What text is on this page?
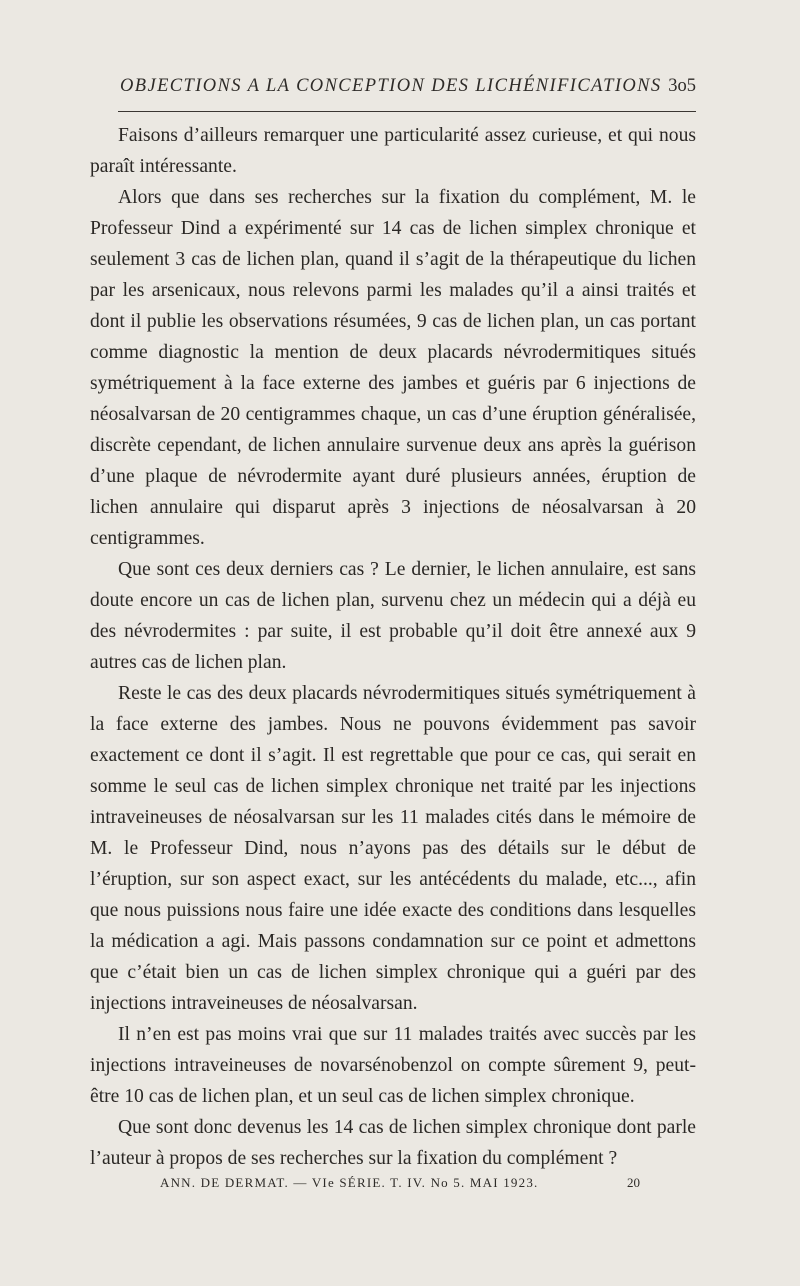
OBJECTIONS A LA CONCEPTION DES LICHÉNIFICATIONS 3o5

Faisons d’ailleurs remarquer une particularité assez curieuse, et qui nous paraît intéressante.

Alors que dans ses recherches sur la fixation du complément, M. le Professeur Dind a expérimenté sur 14 cas de lichen simplex chronique et seulement 3 cas de lichen plan, quand il s’agit de la thérapeutique du lichen par les arsenicaux, nous relevons parmi les malades qu’il a ainsi traités et dont il publie les observations résumées, 9 cas de lichen plan, un cas portant comme diagnostic la mention de deux placards névrodermitiques situés symétriquement à la face externe des jambes et guéris par 6 injections de néosalvarsan de 20 centigrammes chaque, un cas d’une éruption généralisée, discrète cependant, de lichen annulaire survenue deux ans après la guérison d’une plaque de névrodermite ayant duré plusieurs années, éruption de lichen annulaire qui disparut après 3 injections de néosalvarsan à 20 centigrammes.

Que sont ces deux derniers cas ? Le dernier, le lichen annulaire, est sans doute encore un cas de lichen plan, survenu chez un médecin qui a déjà eu des névrodermites : par suite, il est probable qu’il doit être annexé aux 9 autres cas de lichen plan.

Reste le cas des deux placards névrodermitiques situés symétriquement à la face externe des jambes. Nous ne pouvons évidemment pas savoir exactement ce dont il s’agit. Il est regrettable que pour ce cas, qui serait en somme le seul cas de lichen simplex chronique net traité par les injections intraveineuses de néosalvarsan sur les 11 malades cités dans le mémoire de M. le Professeur Dind, nous n’ayons pas des détails sur le début de l’éruption, sur son aspect exact, sur les antécédents du malade, etc..., afin que nous puissions nous faire une idée exacte des conditions dans lesquelles la médication a agi. Mais passons condamnation sur ce point et admettons que c’était bien un cas de lichen simplex chronique qui a guéri par des injections intraveineuses de néosalvarsan.

Il n’en est pas moins vrai que sur 11 malades traités avec succès par les injections intraveineuses de novarsénobenzol on compte sûrement 9, peut-être 10 cas de lichen plan, et un seul cas de lichen simplex chronique.

Que sont donc devenus les 14 cas de lichen simplex chronique dont parle l’auteur à propos de ses recherches sur la fixation du complément ?

ANN. DE DERMAT. — VIe SÉRIE. T. IV. No 5. MAI 1923.	20
